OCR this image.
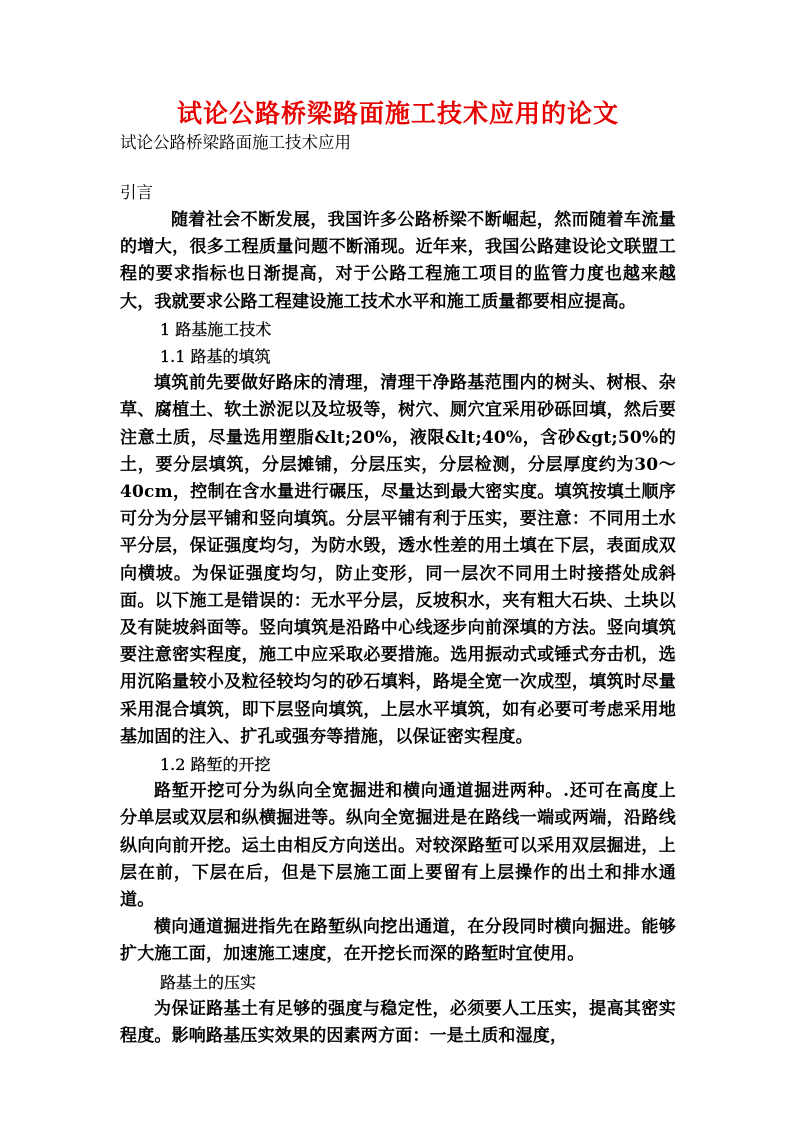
试论公路桥梁路面施工技术应用的论文
试论公路桥梁路面施工技术应用
引言

随着社会不断发展，我国许多公路桥梁不断崛起，然而随着车流量的增大，很多工程质量问题不断涌现。近年来，我国公路建设论文联盟工程的要求指标也日渐提高，对于公路工程施工项目的监管力度也越来越大，我就要求公路工程建设施工技术水平和施工质量都要相应提高。

1 路基施工技术
1.1 路基的填筑

填筑前先要做好路床的清理，清理干净路基范围内的树头、树根、杂草、腐植土、软土淤泥以及垃圾等，树穴、厕穴宜采用砂砾回填，然后要注意土质，尽量选用塑脂&lt;20%，液限&lt;40%，含砂&gt;50%的土，要分层填筑，分层摊铺，分层压实，分层检测，分层厚度约为30～40cm，控制在含水量进行碾压，尽量达到最大密实度。填筑按填土顺序可分为分层平铺和竖向填筑。分层平铺有利于压实，要注意：不同用土水平分层，保证强度均匀，为防水毁，透水性差的用土填在下层，表面成双向横坡。为保证强度均匀，防止变形，同一层次不同用土时接搭处成斜面。以下施工是错误的：无水平分层，反坡积水，夹有粗大石块、土块以及有陡坡斜面等。竖向填筑是沿路中心线逐步向前深填的方法。竖向填筑要注意密实程度，施工中应采取必要措施。选用振动式或锤式夯击机，选用沉陷量较小及粒径较均匀的砂石填料，路堤全宽一次成型，填筑时尽量采用混合填筑，即下层竖向填筑，上层水平填筑，如有必要可考虑采用地基加固的注入、扩孔或强夯等措施，以保证密实程度。

1.2 路堑的开挖

路堑开挖可分为纵向全宽掘进和横向通道掘进两种。.还可在高度上分单层或双层和纵横掘进等。纵向全宽掘进是在路线一端或两端，沿路线纵向向前开挖。运土由相反方向送出。对较深路堑可以采用双层掘进，上层在前，下层在后，但是下层施工面上要留有上层操作的出土和排水通道。

横向通道掘进指先在路堑纵向挖出通道，在分段同时横向掘进。能够扩大施工面，加速施工速度，在开挖长而深的路堑时宜使用。

路基土的压实

为保证路基土有足够的强度与稳定性，必须要人工压实，提高其密实程度。影响路基压实效果的因素两方面：一是土质和湿度，
